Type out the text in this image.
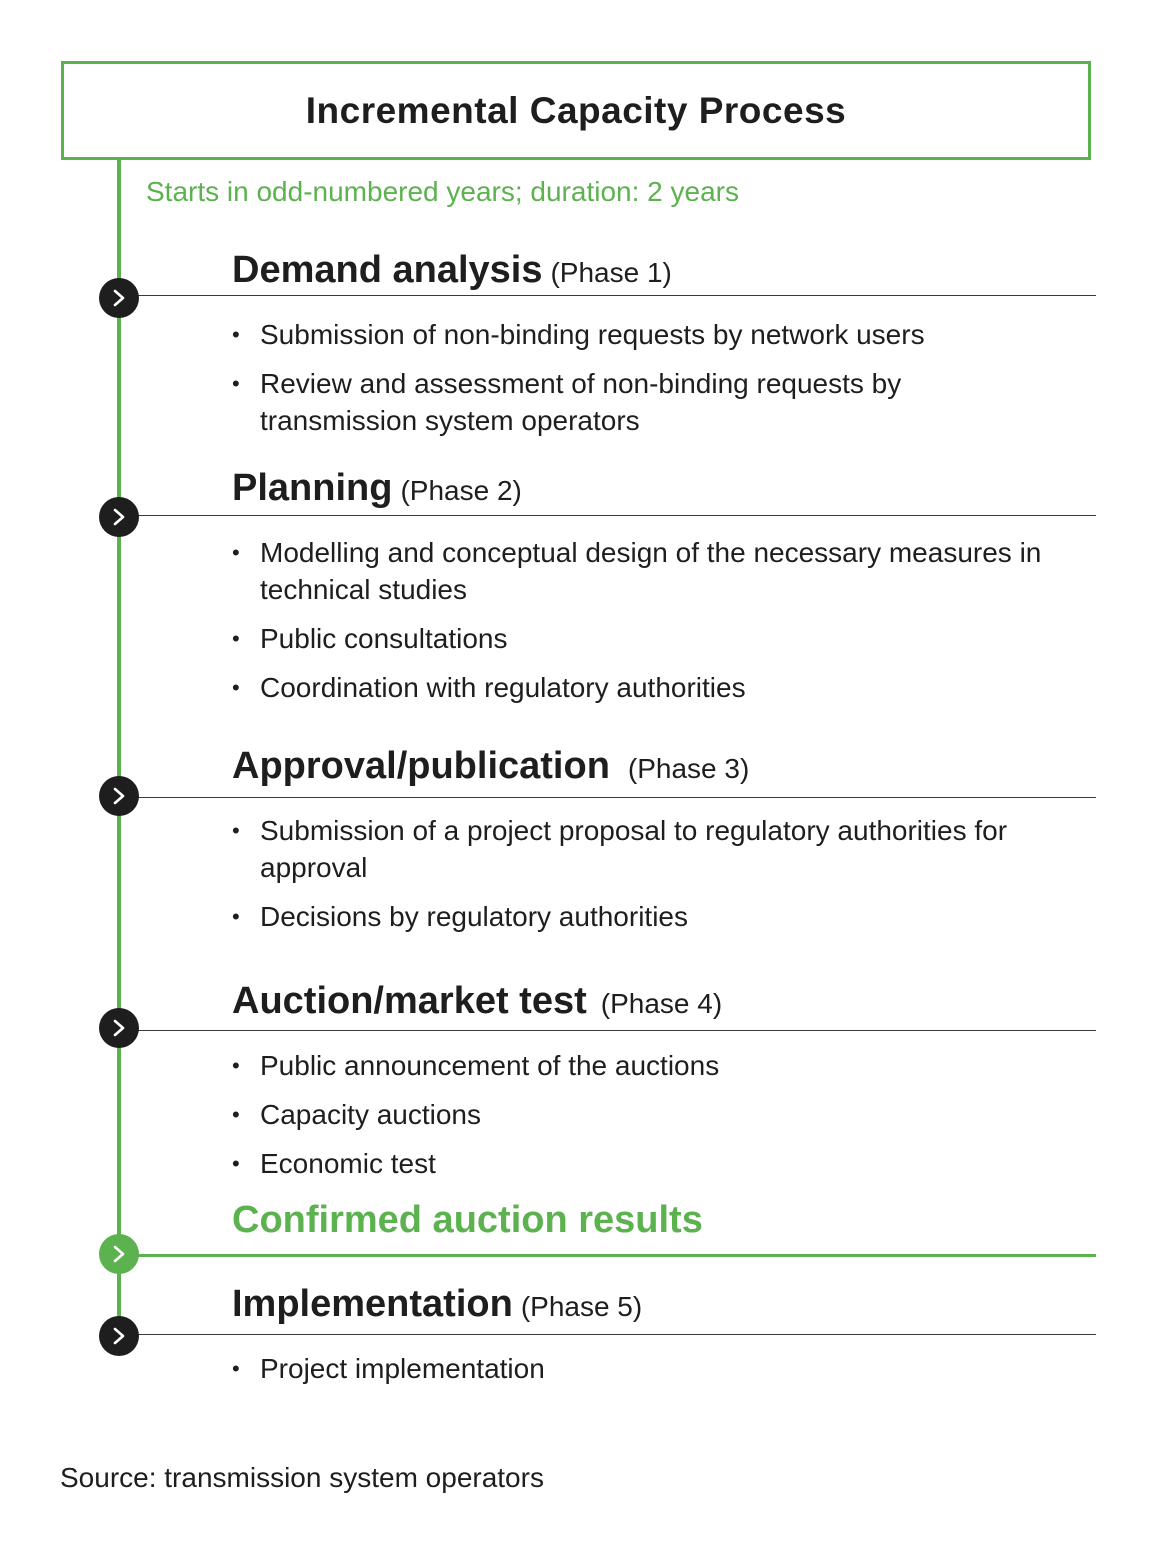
Incremental Capacity Process

Starts in odd-numbered years; duration: 2 years

Demand analysis (Phase 1)
• Submission of non-binding requests by network users
• Review and assessment of non-binding requests by transmission system operators
Planning (Phase 2)
• Modelling and conceptual design of the necessary measures in technical studies
• Public consultations
• Coordination with regulatory authorities
Approval/publication (Phase 3)
• Submission of a project proposal to regulatory authorities for approval
• Decisions by regulatory authorities
Auction/market test (Phase 4)
• Public announcement of the auctions
• Capacity auctions
• Economic test
Confirmed auction results
Implementation (Phase 5)
• Project implementation

Source: transmission system operators
